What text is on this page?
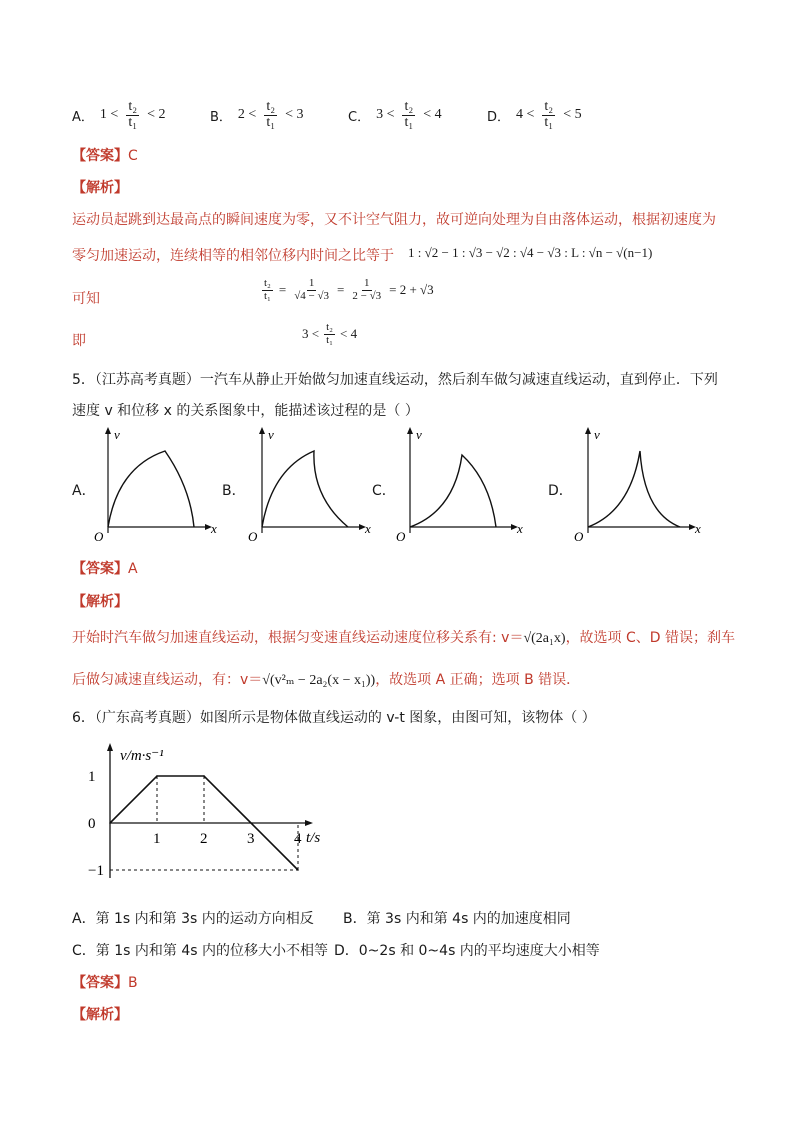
A． $1 < \frac{\text{t₂}}{\text{t₁}} < 2$	B． $2 < \frac{\text{t₂}}{\text{t₁}} < 3$	C． $3 < \frac{\text{t₂}}{\text{t₁}} < 4$	D． $4 < \frac{\text{t₂}}{\text{t₁}} < 5$
【答案】C
【解析】
运动员起跳到达最高点的瞬间速度为零，又不计空气阻力，故可逆向处理为自由落体运动，根据初速度为
零匀加速运动，连续相等的相邻位移内时间之比等于 1 : √2 − 1 : √3 − √2 : √4 − √3 : L : √n − √(n−1)
可知	$\frac{\text{t₂}}{\text{t₁}} = \frac{1}{√4 - √3} = \frac{1}{2 - √3} = 2 + √3$
即	$3 < \frac{\text{t₂}}{\text{t₁}} < 4$
5．（江苏高考真题）一汽车从静止开始做匀加速直线运动，然后刹车做匀减速直线运动，直到停止．下列
速度 v 和位移 x 的关系图象中，能描述该过程的是（ ）
A．
v
x
O
B．
v
x
O
C．
v
x
O
D．
v
x
O
【答案】A
【解析】
开始时汽车做匀加速直线运动，根据匀变速直线运动速度位移关系有: v＝√(2a₁x)，故选项 C、D 错误；刹车
后做匀减速直线运动，有：v＝√(v²ₘ − 2a₂(x − x₁))，故选项 A 正确；选项 B 错误．
6．（广东高考真题）如图所示是物体做直线运动的 v-t 图象，由图可知，该物体（ ）
v/m·s⁻¹
t/s
1
0
−1
1	2	3	4
A．第 1s 内和第 3s 内的运动方向相反 B．第 3s 内和第 4s 内的加速度相同
C．第 1s 内和第 4s 内的位移大小不相等 D．0~2s 和 0~4s 内的平均速度大小相等
【答案】B
【解析】
